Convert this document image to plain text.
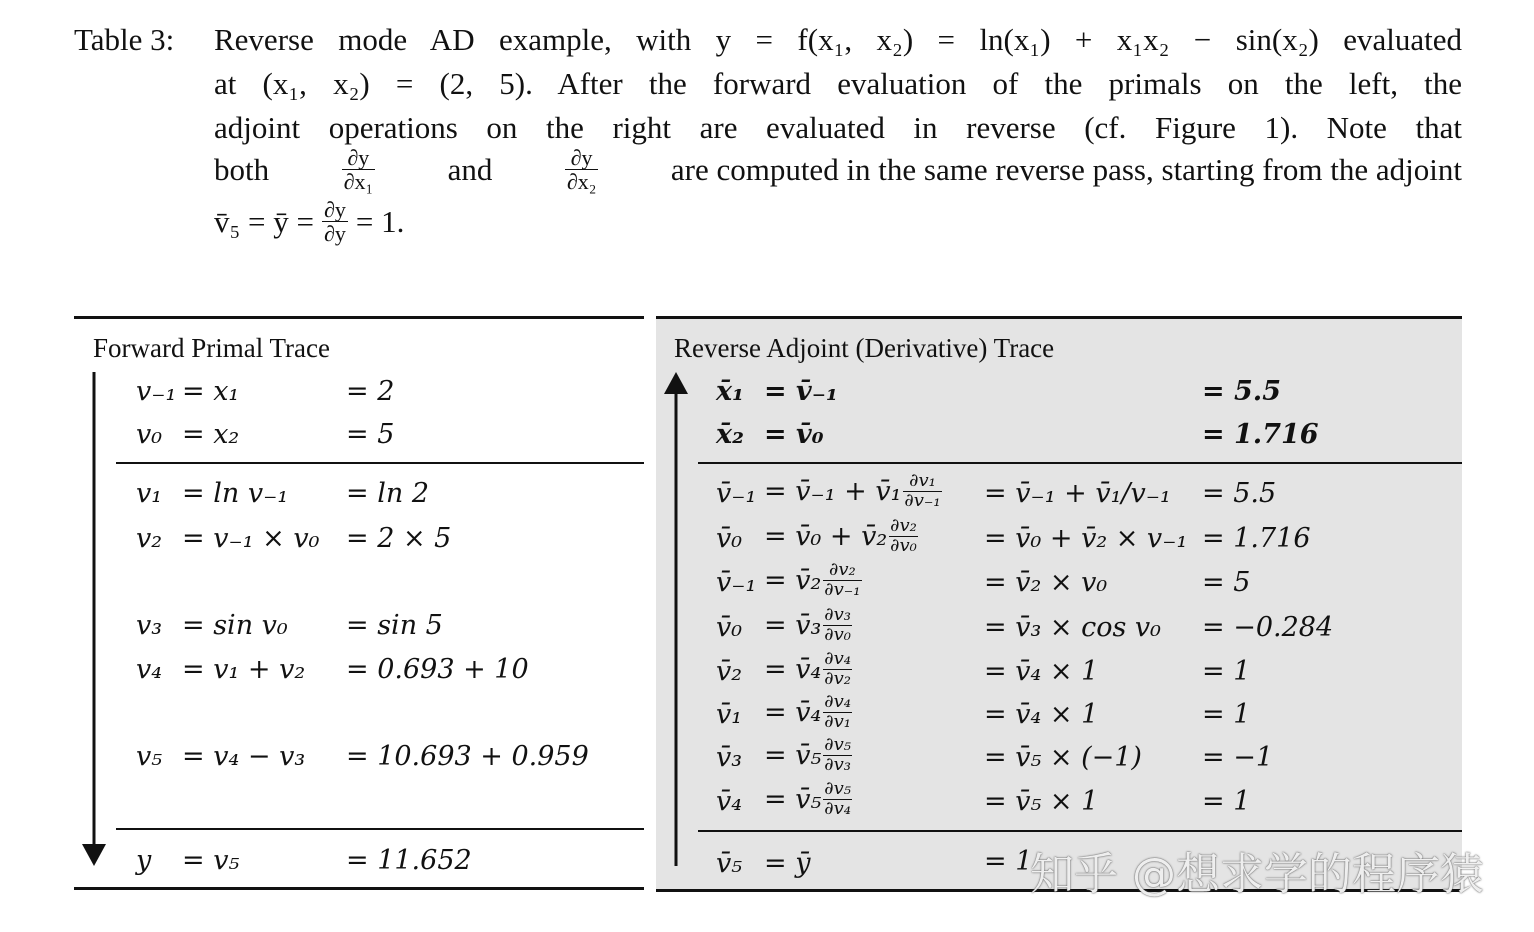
Table 3: Reverse mode AD example, with y = f(x₁, x₂) = ln(x₁) + x₁x₂ − sin(x₂) evaluated
at (x₁, x₂) = (2, 5). After the forward evaluation of the primals on the left, the
adjoint operations on the right are evaluated in reverse (cf. Figure 1). Note that
both	$\frac{\partial y}{\text{∂x₁}}$ and	$\frac{\partial y}{\text{∂x₂}}$ are computed in the same reverse pass, starting from the adjoint
v̄₅ = ȳ = $\frac{\partial y}{\partial y} = 1$.
Forward Primal Trace	Reverse Adjoint (Derivative) Trace
v₋₁ = x₁	= 2
v₀ = x₂	= 5
v₁ = ln v₋₁ = ln 2
v₂ = v₋₁ × v₀ = 2 × 5
v₃ = sin v₀ = sin 5
v₄ = v₁ + v₂ = 0.693 + 10
v₅ = v₄ − v₃ = 10.693 + 0.959
y = v₅	= 11.652
x̄₁ = v̄₋₁	= 5.5
x̄₂ = v̄₀	= 1.716
v̄₋₁ = v̄₋₁ + v̄₁ $\frac{\text{∂v₁}}{\text{∂v₋₁}}$ = v̄₋₁ + v̄₁/v₋₁ = 5.5
v̄₀ = v̄₀ + v̄₂ $\frac{\text{∂v₂}}{\text{∂v₀}}$ = v̄₀ + v̄₂ × v₋₁ = 1.716
v̄₋₁ = v̄₂ $\frac{\text{∂v₂}}{\text{∂v₋₁}}$	= v̄₂ × v₀	= 5
v̄₀ = v̄₃ $\frac{\text{∂v₃}}{\text{∂v₀}}$	= v̄₃ × cos v₀ = −0.284
v̄₂ = v̄₄ $\frac{\text{∂v₄}}{\text{∂v₂}}$	= v̄₄ × 1	= 1
v̄₁ = v̄₄ $\frac{\text{∂v₄}}{\text{∂v₁}}$	= v̄₄ × 1	= 1
v̄₃ = v̄₅ $\frac{\text{∂v₅}}{\text{∂v₃}}$	= v̄₅ × (−1) = −1
v̄₄ = v̄₅ $\frac{\text{∂v₅}}{\text{∂v₄}}$	= v̄₅ × 1	= 1
v̄₅ = ȳ	= 1
知乎 @想求学的程序猿
